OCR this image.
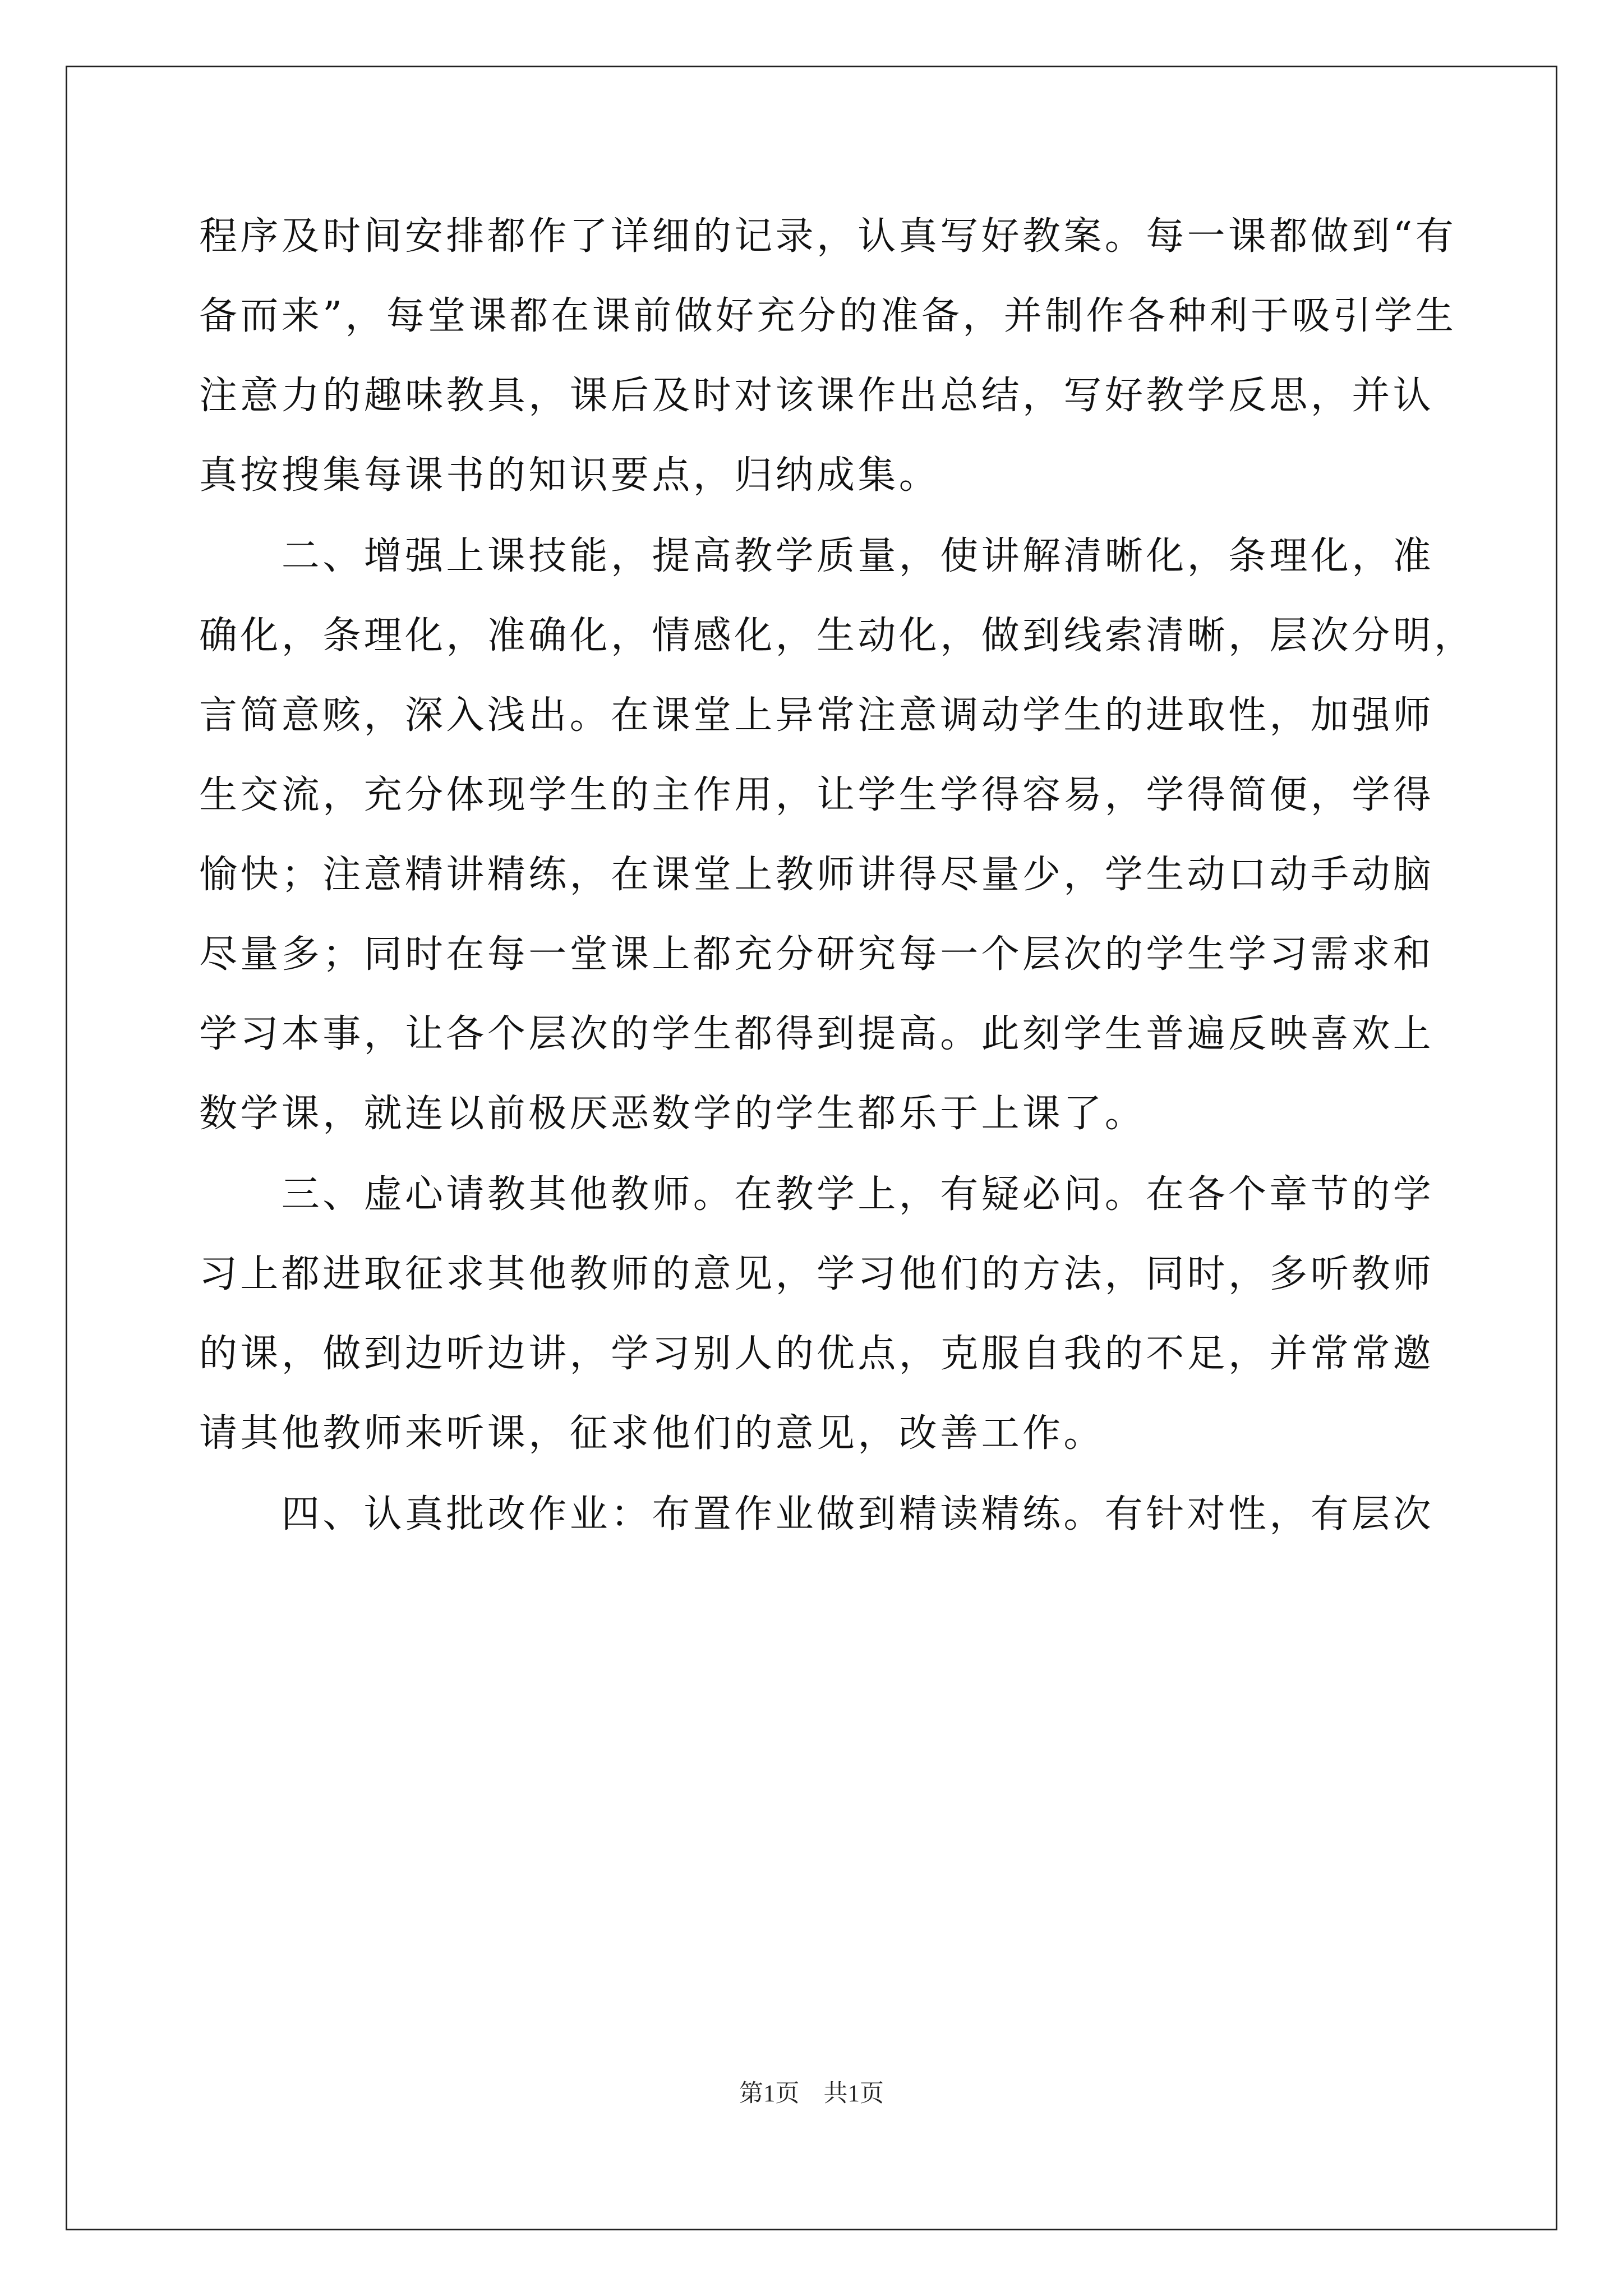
程序及时间安排都作了详细的记录，认真写好教案。每一课都做到“有
备而来”，每堂课都在课前做好充分的准备，并制作各种利于吸引学生
注意力的趣味教具，课后及时对该课作出总结，写好教学反思，并认
真按搜集每课书的知识要点，归纳成集。
　　二、增强上课技能，提高教学质量，使讲解清晰化，条理化，准
确化，条理化，准确化，情感化，生动化，做到线索清晰，层次分明，
言简意赅，深入浅出。在课堂上异常注意调动学生的进取性，加强师
生交流，充分体现学生的主作用，让学生学得容易，学得简便，学得
愉快；注意精讲精练，在课堂上教师讲得尽量少，学生动口动手动脑
尽量多；同时在每一堂课上都充分研究每一个层次的学生学习需求和
学习本事，让各个层次的学生都得到提高。此刻学生普遍反映喜欢上
数学课，就连以前极厌恶数学的学生都乐于上课了。
　　三、虚心请教其他教师。在教学上，有疑必问。在各个章节的学
习上都进取征求其他教师的意见，学习他们的方法，同时，多听教师
的课，做到边听边讲，学习别人的优点，克服自我的不足，并常常邀
请其他教师来听课，征求他们的意见，改善工作。
　　四、认真批改作业：布置作业做到精读精练。有针对性，有层次
第1页　共1页
